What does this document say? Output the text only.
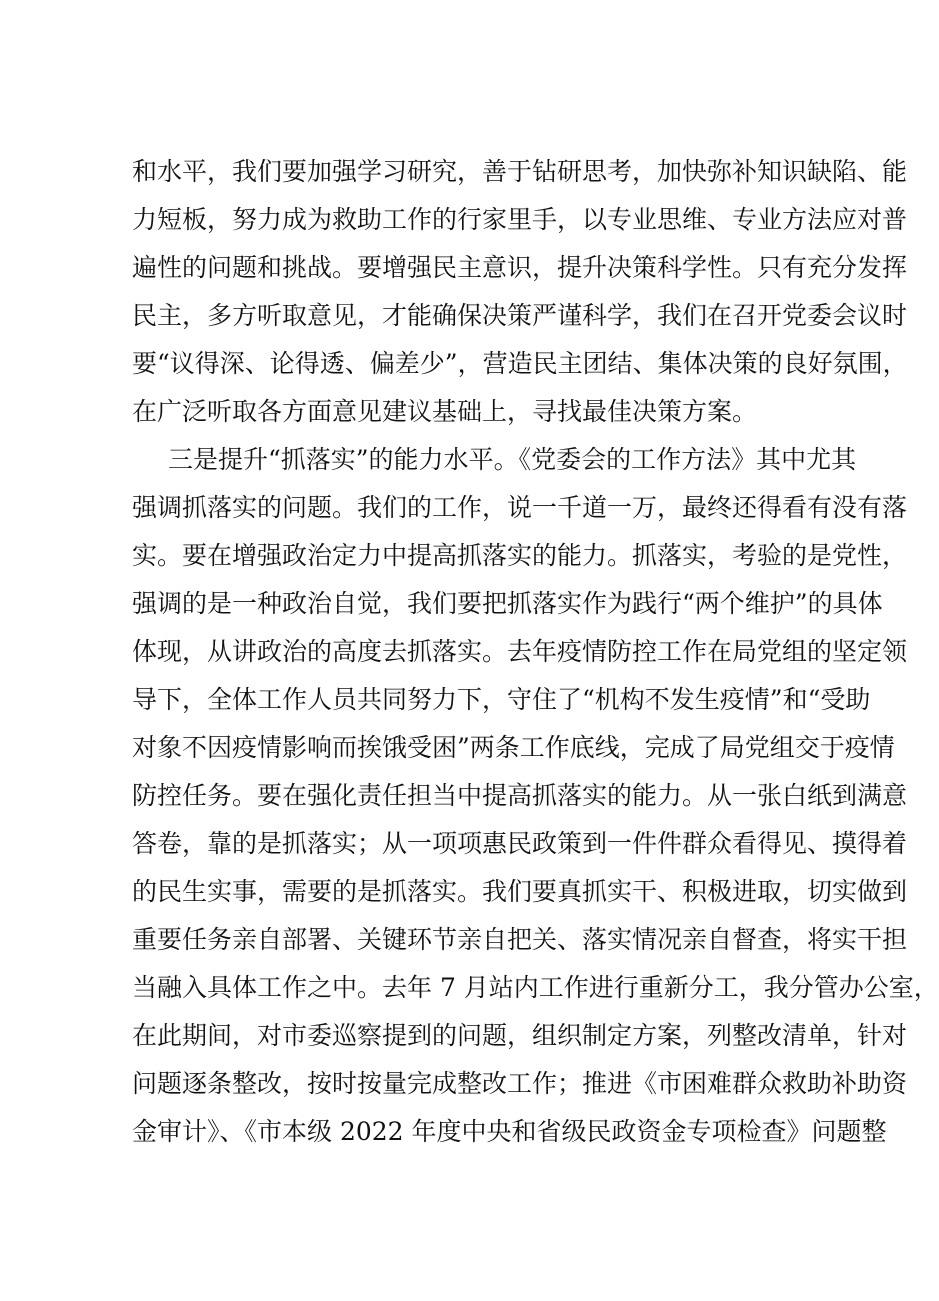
和水平，我们要加强学习研究，善于钻研思考，加快弥补知识缺陷、能
力短板，努力成为救助工作的行家里手，以专业思维、专业方法应对普
遍性的问题和挑战。要增强民主意识，提升决策科学性。只有充分发挥
民主，多方听取意见，才能确保决策严谨科学，我们在召开党委会议时
要“议得深、论得透、偏差少”，营造民主团结、集体决策的良好氛围，
在广泛听取各方面意见建议基础上，寻找最佳决策方案。
三是提升“抓落实”的能力水平。《党委会的工作方法》其中尤其
强调抓落实的问题。我们的工作，说一千道一万，最终还得看有没有落
实。要在增强政治定力中提高抓落实的能力。抓落实，考验的是党性，
强调的是一种政治自觉，我们要把抓落实作为践行“两个维护”的具体
体现，从讲政治的高度去抓落实。去年疫情防控工作在局党组的坚定领
导下，全体工作人员共同努力下，守住了“机构不发生疫情”和“受助
对象不因疫情影响而挨饿受困”两条工作底线，完成了局党组交于疫情
防控任务。要在强化责任担当中提高抓落实的能力。从一张白纸到满意
答卷，靠的是抓落实；从一项项惠民政策到一件件群众看得见、摸得着
的民生实事，需要的是抓落实。我们要真抓实干、积极进取，切实做到
重要任务亲自部署、关键环节亲自把关、落实情况亲自督查，将实干担
当融入具体工作之中。去年 7 月站内工作进行重新分工，我分管办公室，
在此期间，对市委巡察提到的问题，组织制定方案，列整改清单，针对
问题逐条整改，按时按量完成整改工作；推进《市困难群众救助补助资
金审计》、《市本级 2022 年度中央和省级民政资金专项检查》问题整
